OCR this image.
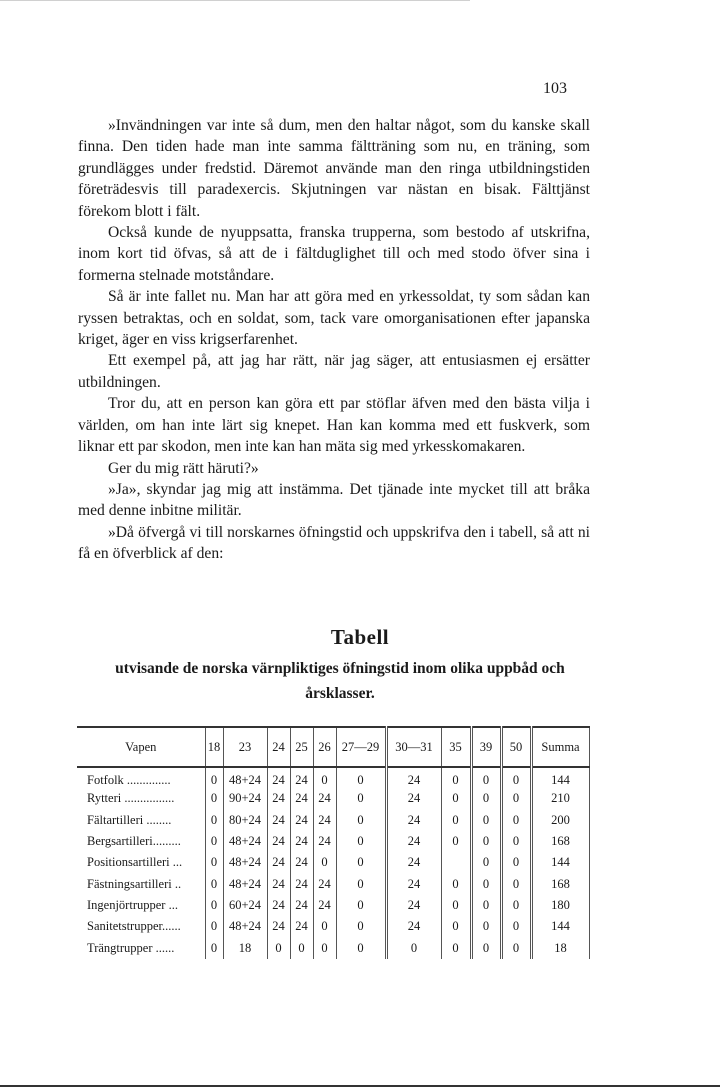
103

»Invändningen var inte så dum, men den haltar något, som du kanske skall finna. Den tiden hade man inte samma fältträning som nu, en träning, som grundlägges under fredstid. Däremot använde man den ringa utbildningstiden företrädesvis till paradexercis. Skjutningen var nästan en bisak. Fälttjänst förekom blott i fält.

Också kunde de nyuppsatta, franska trupperna, som bestodo af utskrifna, inom kort tid öfvas, så att de i fältduglighet till och med stodo öfver sina i formerna stelnade motståndare.

Så är inte fallet nu. Man har att göra med en yrkessoldat, ty som sådan kan ryssen betraktas, och en soldat, som, tack vare omorganisationen efter japanska kriget, äger en viss krigserfarenhet.

Ett exempel på, att jag har rätt, när jag säger, att entusiasmen ej ersätter utbildningen.

Tror du, att en person kan göra ett par stöflar äfven med den bästa vilja i världen, om han inte lärt sig knepet. Han kan komma med ett fuskverk, som liknar ett par skodon, men inte kan han mäta sig med yrkesskomakaren.

Ger du mig rätt häruti?»

»Ja», skyndar jag mig att instämma. Det tjänade inte mycket till att bråka med denne inbitne militär.

»Då öfvergå vi till norskarnes öfningstid och uppskrifva den i tabell, så att ni få en öfverblick af den:

Tabell
utvisande de norska värnpliktiges öfningstid inom olika uppbåd och årsklasser.
Vapen	18	23	24	25	26	27—29	30—31	35	39	50	Summa
Fotfolk ..............	0	48+24	24	24	0	0	24	0	0	0	144
Rytteri ................	0	90+24	24	24	24	0	24	0	0	0	210
Fältartilleri ........	0	80+24	24	24	24	0	24	0	0	0	200
Bergsartilleri.........	0	48+24	24	24	24	0	24	0	0	0	168
Positionsartilleri ...	0	48+24	24	24	0	0	24		0	0	144
Fästningsartilleri ..	0	48+24	24	24	24	0	24	0	0	0	168
Ingenjörtrupper ...	0	60+24	24	24	24	0	24	0	0	0	180
Sanitetstrupper......	0	48+24	24	24	0	0	24	0	0	0	144
Trängtrupper ......	0	18	0	0	0	0	0	0	0	0	18
